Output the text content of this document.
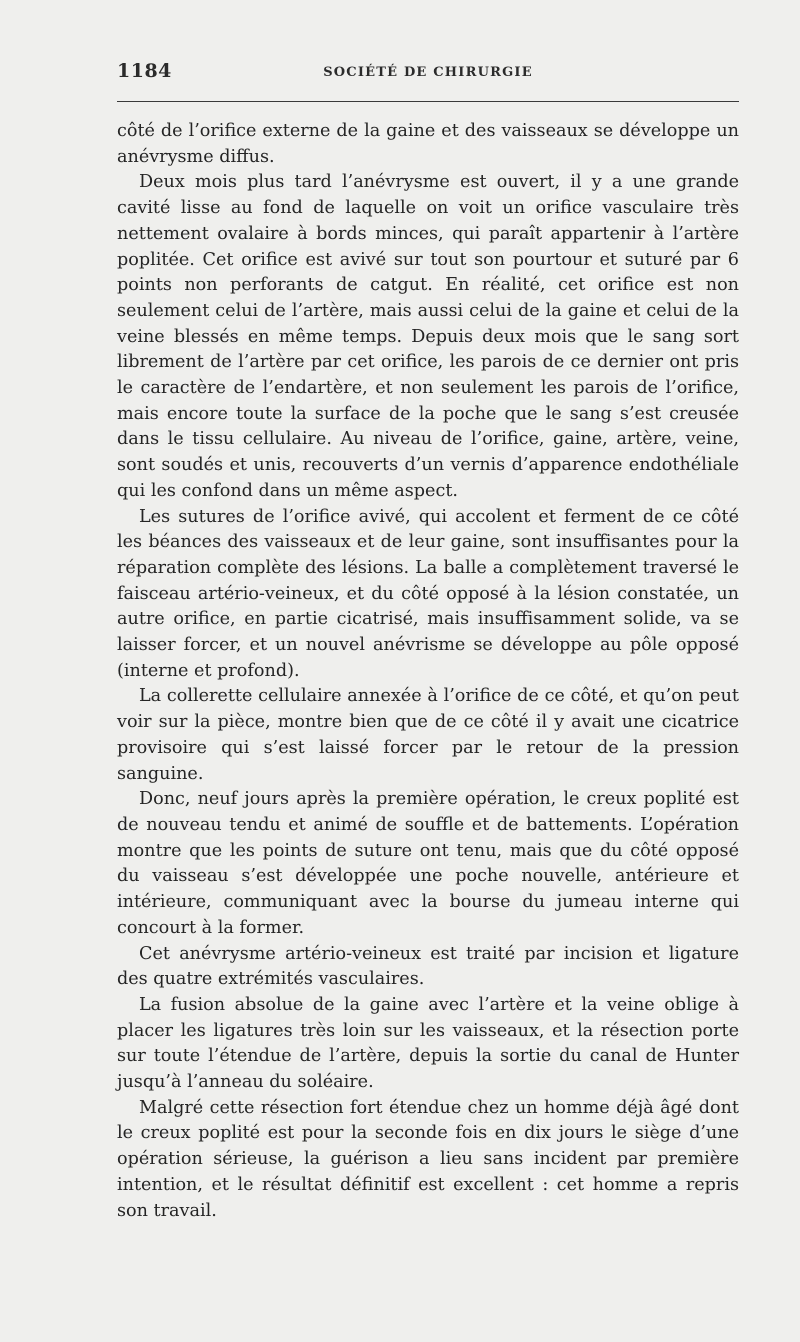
1184	SOCIÉTÉ DE CHIRURGIE

côté de l’orifice externe de la gaine et des vaisseaux se développe un anévrysme diffus.

Deux mois plus tard l’anévrysme est ouvert, il y a une grande cavité lisse au fond de laquelle on voit un orifice vasculaire très nettement ovalaire à bords minces, qui paraît appartenir à l’artère poplitée. Cet orifice est avivé sur tout son pourtour et suturé par 6 points non perforants de catgut. En réalité, cet orifice est non seulement celui de l’artère, mais aussi celui de la gaine et celui de la veine blessés en même temps. Depuis deux mois que le sang sort librement de l’artère par cet orifice, les parois de ce dernier ont pris le caractère de l’endartère, et non seulement les parois de l’orifice, mais encore toute la surface de la poche que le sang s’est creusée dans le tissu cellulaire. Au niveau de l’orifice, gaine, artère, veine, sont soudés et unis, recouverts d’un vernis d’apparence endothéliale qui les confond dans un même aspect.

Les sutures de l’orifice avivé, qui accolent et ferment de ce côté les béances des vaisseaux et de leur gaine, sont insuffisantes pour la réparation complète des lésions. La balle a complètement traversé le faisceau artério-veineux, et du côté opposé à la lésion constatée, un autre orifice, en partie cicatrisé, mais insuffisamment solide, va se laisser forcer, et un nouvel anévrisme se développe au pôle opposé (interne et profond).

La collerette cellulaire annexée à l’orifice de ce côté, et qu’on peut voir sur la pièce, montre bien que de ce côté il y avait une cicatrice provisoire qui s’est laissé forcer par le retour de la pression sanguine.

Donc, neuf jours après la première opération, le creux poplité est de nouveau tendu et animé de souffle et de battements. L’opération montre que les points de suture ont tenu, mais que du côté opposé du vaisseau s’est développée une poche nouvelle, antérieure et intérieure, communiquant avec la bourse du jumeau interne qui concourt à la former.

Cet anévrysme artério-veineux est traité par incision et ligature des quatre extrémités vasculaires.

La fusion absolue de la gaine avec l’artère et la veine oblige à placer les ligatures très loin sur les vaisseaux, et la résection porte sur toute l’étendue de l’artère, depuis la sortie du canal de Hunter jusqu’à l’anneau du soléaire.

Malgré cette résection fort étendue chez un homme déjà âgé dont le creux poplité est pour la seconde fois en dix jours le siège d’une opération sérieuse, la guérison a lieu sans incident par première intention, et le résultat définitif est excellent : cet homme a repris son travail.
